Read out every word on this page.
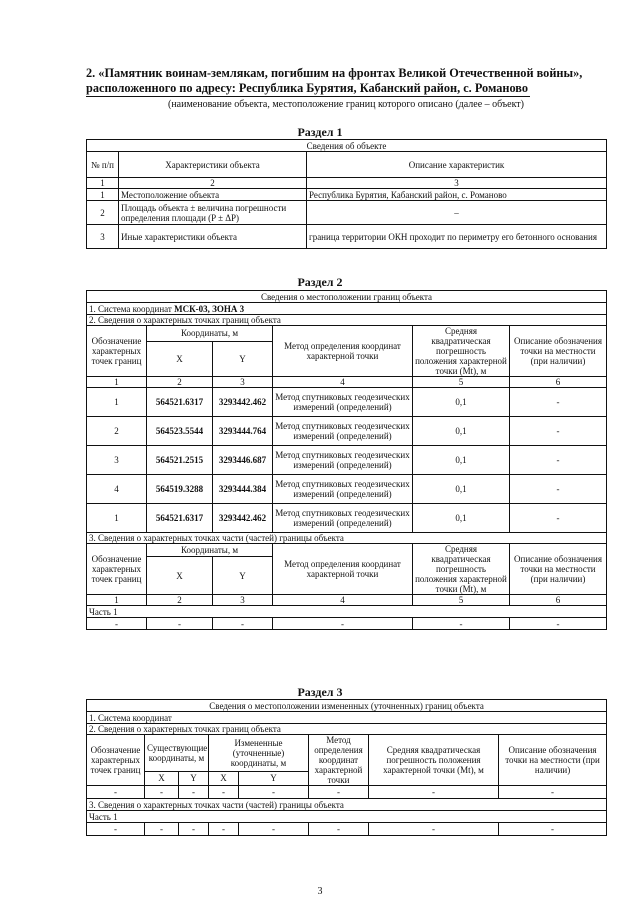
2. «Памятник воинам-землякам, погибшим на фронтах Великой Отечественной войны»,
расположенного по адресу: Республика Бурятия, Кабанский район, с. Романово
(наименование объекта, местоположение границ которого описано (далее – объект)
Раздел 1
Сведения об объекте		
№ п/п	Характеристики объекта	Описание характеристик
1	2	3
1	Местоположение объекта	Республика Бурятия, Кабанский район, с. Романово
2	Площадь объекта ± величина погрешности определения площади (P ± ΔP)	–
3	Иные характеристики объекта	граница территории ОКН проходит по периметру его бетонного основания
Раздел 2
Сведения о местоположении границ объекта					
1. Система координат МСК-03, ЗОНА 3					
2. Сведения о характерных точках границ объекта					
Обозначение характерных точек границ	Координаты, м		Метод определения координат характерной точки	Средняя квадратическая погрешность положения характерной точки (Mt), м	Описание обозначения точки на местности (при наличии)
	X	Y			
1	2	3	4	5	6
1	564521.6317	3293442.462	Метод спутниковых геодезических измерений (определений)	0,1	-
2	564523.5544	3293444.764	Метод спутниковых геодезических измерений (определений)	0,1	-
3	564521.2515	3293446.687	Метод спутниковых геодезических измерений (определений)	0,1	-
4	564519.3288	3293444.384	Метод спутниковых геодезических измерений (определений)	0,1	-
1	564521.6317	3293442.462	Метод спутниковых геодезических измерений (определений)	0,1	-
3. Сведения о характерных точках части (частей) границы объекта					
Обозначение характерных точек границ	Координаты, м		Метод определения координат характерной точки	Средняя квадратическая погрешность положения характерной точки (Mt), м	Описание обозначения точки на местности (при наличии)
	X	Y			
1	2	3	4	5	6
Часть 1					
-	-	-	-	-	-
Раздел 3
Сведения о местоположении измененных (уточненных) границ объекта							
1. Система координат							
2. Сведения о характерных точках границ объекта							
Обозначение характерных точек границ	Существующие координаты, м		Измененные (уточненные) координаты, м		Метод определения координат характерной точки	Средняя квадратическая погрешность положения характерной точки (Mt), м	Описание обозначения точки на местности (при наличии)
	X	Y	X	Y			
-	-	-	-	-	-	-	-
3. Сведения о характерных точках части (частей) границы объекта							
Часть 1							
-	-	-	-	-	-	-	-
3
